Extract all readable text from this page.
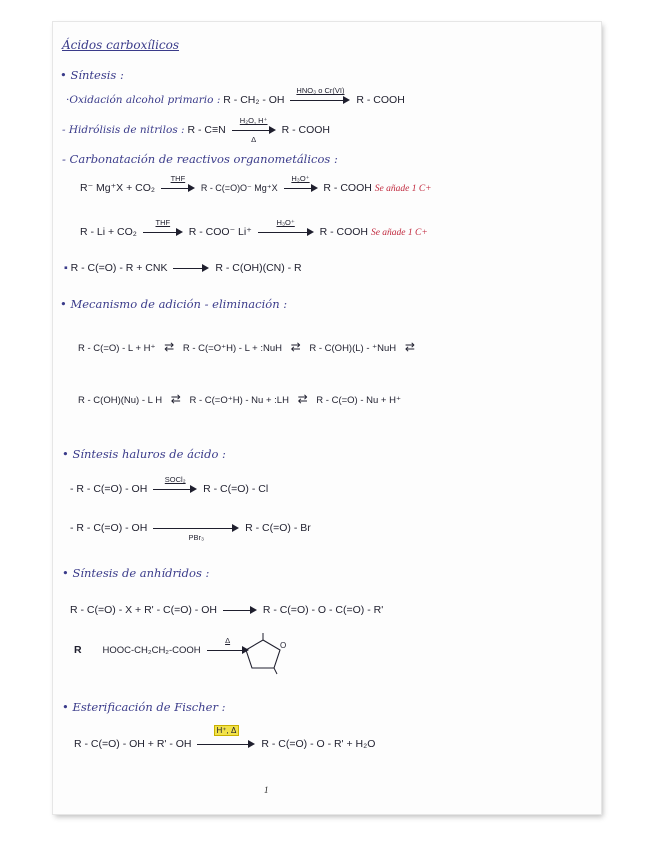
Ácidos carboxílicos
• Síntesis :
·Oxidación alcohol primario : R - CH₂ - OH
HNO₃ o Cr(VI)
R - COOH
- Hidrólisis de nitrilos : $R - C\equiv N \frac{\text{H₂O, H⁺}}{\Delta}$ R - COOH
- Carbonatación de reactivos organometálicos :
R⁻ Mg⁺X + CO₂
THF
R - C(=O)O⁻ Mg⁺X
H₃O⁺
R - COOH Se añade 1 C+
R - Li + CO₂
THF
R - COO⁻ Li⁺
H₃O⁺
R - COOH Se añade 1 C+
▪ R - C(=O) - R + CNK	R - C(OH)(CN) - R
• Mecanismo de adición - eliminación :
R - C(=O) - L + H⁺ ⇄ R - C(=O⁺H) - L + :NuH ⇄ R - C(OH)(L) - ⁺NuH ⇄
R - C(OH)(Nu) - L H ⇄ R - C(=O⁺H) - Nu + :LH ⇄ R - C(=O) - Nu + H⁺
• Síntesis haluros de ácido :
- R - C(=O) - OH
SOCl₂
R - C(=O) - Cl
- R - C(=O) - OH
PBr₃
R - C(=O) - Br
• Síntesis de anhídridos :
R - C(=O) - X + R' - C(=O) - OH	R - C(=O) - O - C(=O) - R'
R HOOC-CH₂CH₂-COOH
Δ
O
• Esterificación de Fischer :
R - C(=O) - OH + R' - OH
H⁺, Δ
R - C(=O) - O - R' + H₂O
1
